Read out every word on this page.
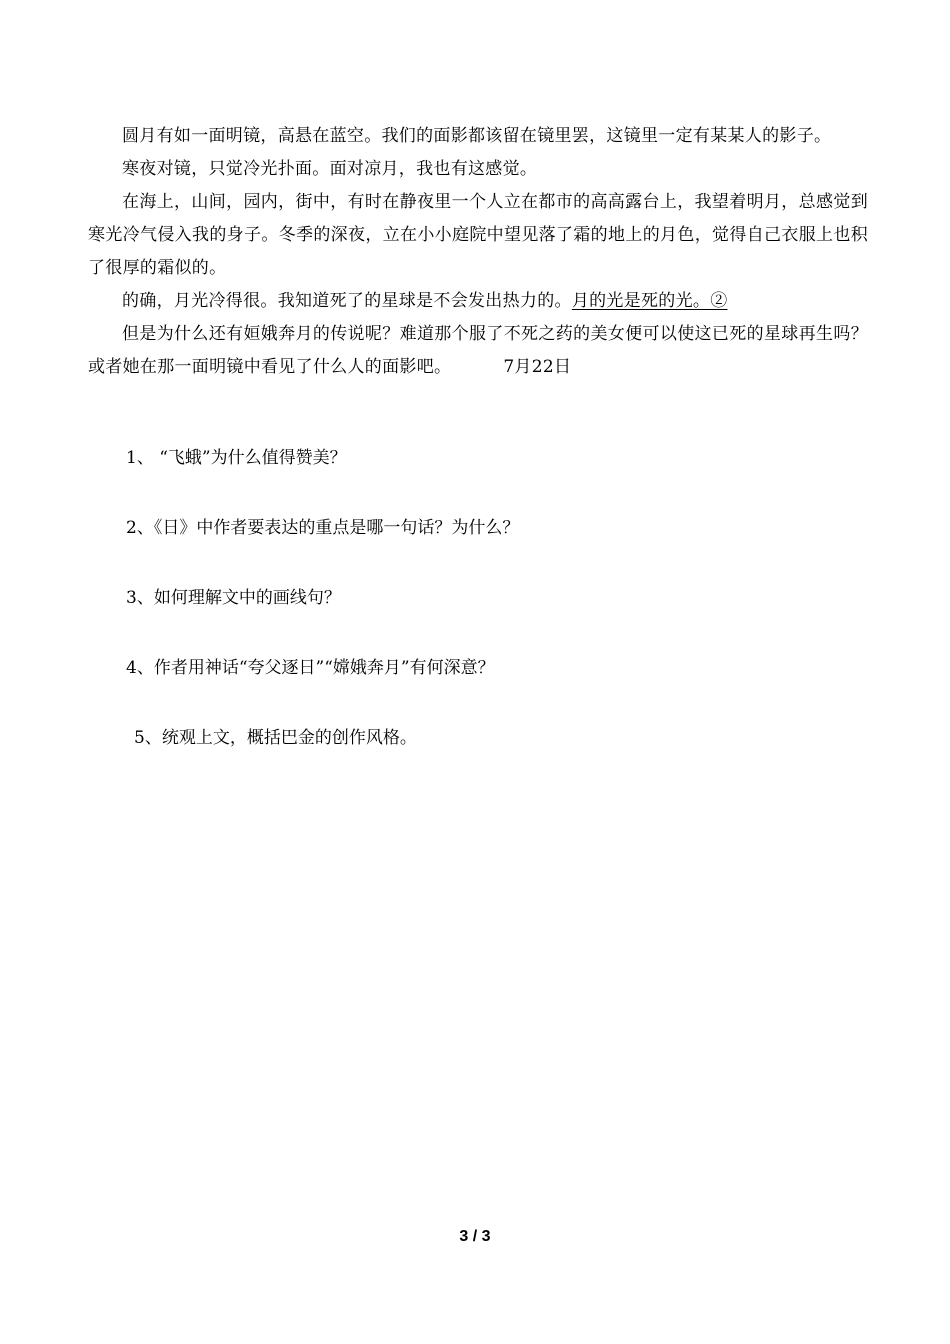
圆月有如一面明镜，高悬在蓝空。我们的面影都该留在镜里罢，这镜里一定有某某人的影子。

寒夜对镜，只觉冷光扑面。面对凉月，我也有这感觉。

在海上，山间，园内，街中，有时在静夜里一个人立在都市的高高露台上，我望着明月，总感觉到寒光冷气侵入我的身子。冬季的深夜，立在小小庭院中望见落了霜的地上的月色，觉得自己衣服上也积了很厚的霜似的。

的确，月光冷得很。我知道死了的星球是不会发出热力的。月的光是死的光。②

但是为什么还有姮娥奔月的传说呢？难道那个服了不死之药的美女便可以使这已死的星球再生吗？或者她在那一面明镜中看见了什么人的面影吧。	7月22日

1、 “飞蛾”为什么值得赞美？

2、《日》中作者要表达的重点是哪一句话？为什么？

3、如何理解文中的画线句？

4、作者用神话“夸父逐日”“嫦娥奔月”有何深意？

5、统观上文，概括巴金的创作风格。

3 / 3
